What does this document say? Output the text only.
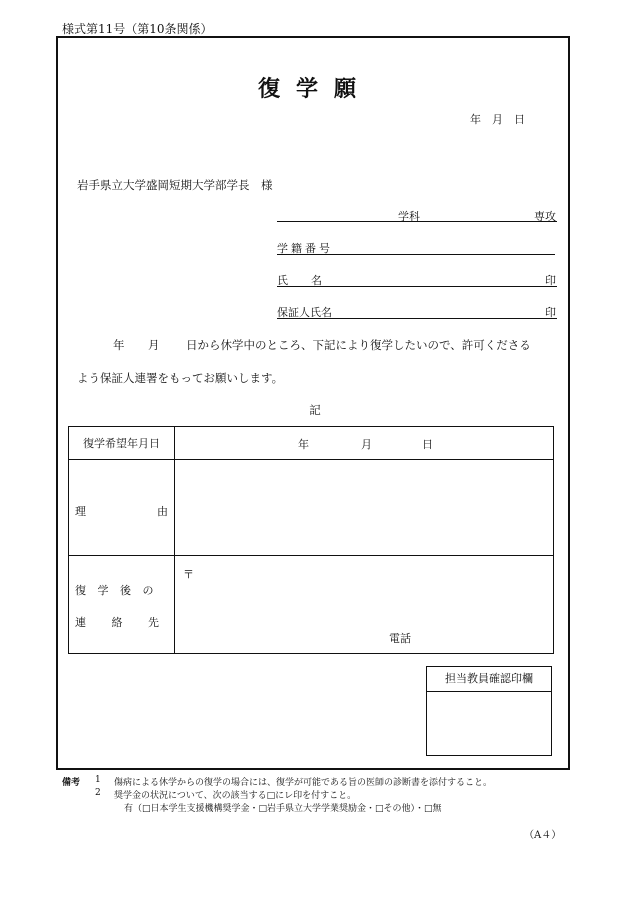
様式第11号（第10条関係）
復学願
年　月　日
岩手県立大学盛岡短期大学部学長　様
学科	専攻
学籍番号
氏名	印
保証人氏名	印
年 月 日から休学中のところ、下記により復学したいので、許可くださる
よう保証人連署をもってお願いします。
記
復学希望年月日	年 月 日

理 由	

復 学 後 の
連 絡 先	〒
電話
担当教員確認印欄
備考 1 傷病による休学からの復学の場合には、復学が可能である旨の医師の診断書を添付すること。
2 奨学金の状況について、次の該当する□にレ印を付すこと。
有（□日本学生支援機構奨学金・□岩手県立大学学業奨励金・□その他）・□無
（A４）
